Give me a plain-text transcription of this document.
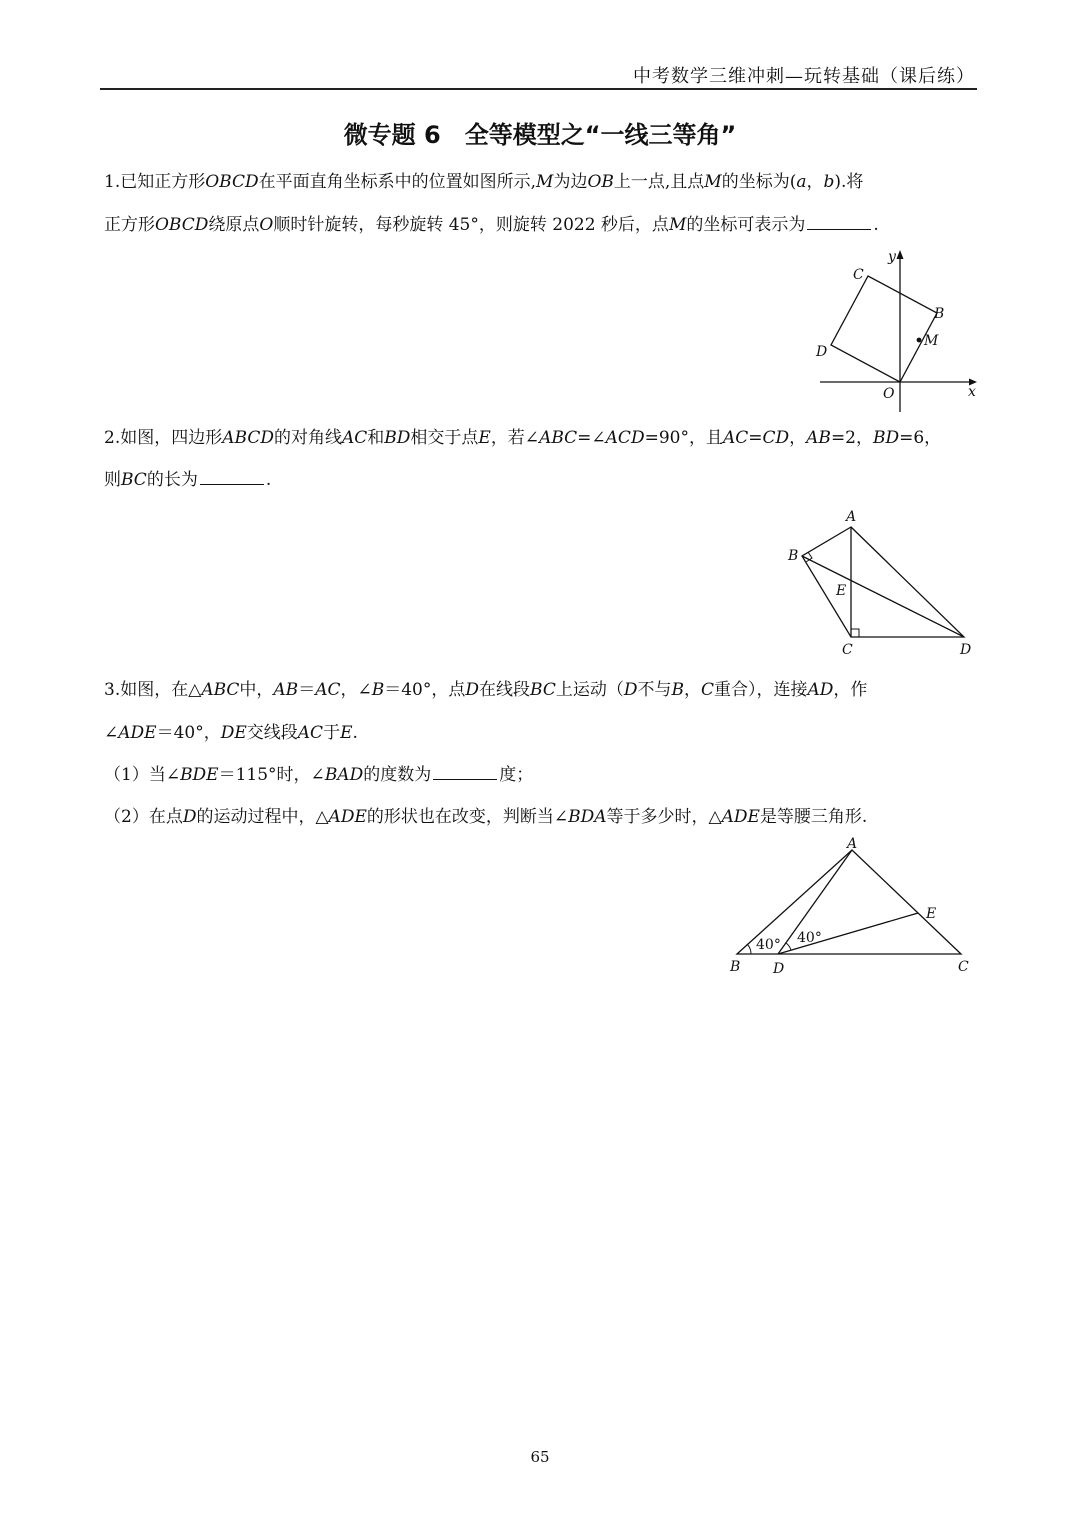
中考数学三维冲刺—玩转基础（课后练）
微专题 6　全等模型之“一线三等角”
1.已知正方形OBCD在平面直角坐标系中的位置如图所示,M为边OB上一点,且点M的坐标为(a，b).将
正方形OBCD绕原点O顺时针旋转，每秒旋转 45°，则旋转 2022 秒后，点M的坐标可表示为	.
y
C
B
M
D
O	x
2.如图，四边形ABCD的对角线AC和BD相交于点E，若∠ABC=∠ACD=90°，且AC=CD，AB=2，BD=6，
则BC的长为	.
A
B
E
C	D
3.如图，在△ABC中，AB＝AC，∠B＝40°，点D在线段BC上运动（D不与B，C重合），连接AD，作
∠ADE＝40°，DE交线段AC于E.
（1）当∠BDE＝115°时，∠BAD的度数为	度；
（2）在点D的运动过程中，△ADE的形状也在改变，判断当∠BDA等于多少时，△ADE是等腰三角形.
A
E
B D	C
40° 40°
65
